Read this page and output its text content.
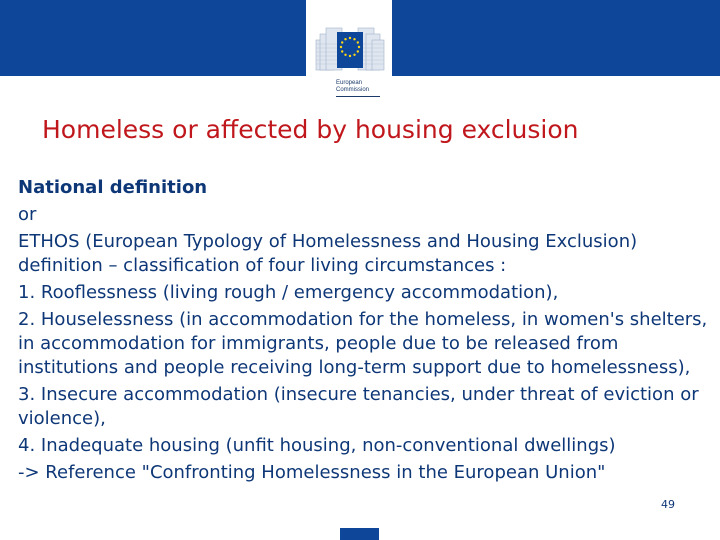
European
Commission
Homeless or affected by housing exclusion

National definition

or

ETHOS (European Typology of Homelessness and Housing Exclusion) definition – classification of four living circumstances :

1. Rooflessness (living rough / emergency accommodation),

2. Houselessness (in accommodation for the homeless, in women's shelters, in accommodation for immigrants, people due to be released from institutions and people receiving long-term support due to homelessness),

3. Insecure accommodation (insecure tenancies, under threat of eviction or violence),

4. Inadequate housing (unfit housing, non-conventional dwellings)

-> Reference "Confronting Homelessness in the European Union"

49
